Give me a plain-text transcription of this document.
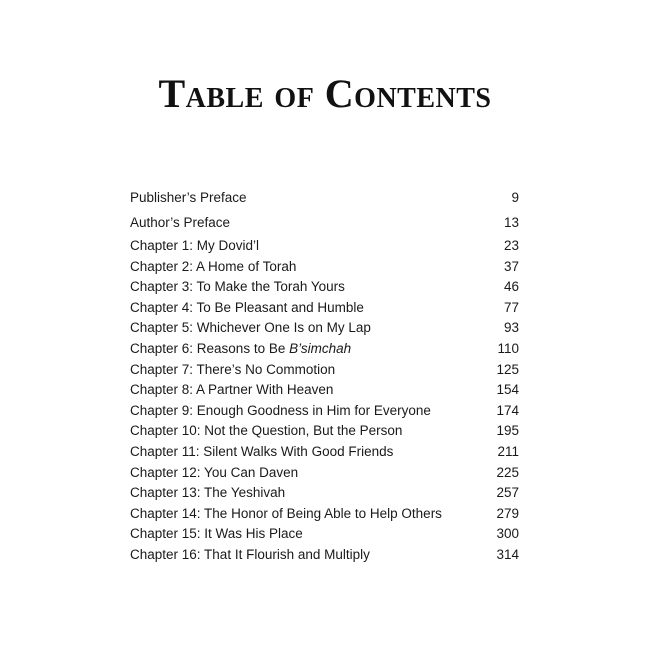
Table of Contents
Publisher’s Preface	9
Author’s Preface	13
Chapter 1: My Dovid’l	23
Chapter 2: A Home of Torah	37
Chapter 3: To Make the Torah Yours	46
Chapter 4: To Be Pleasant and Humble	77
Chapter 5: Whichever One Is on My Lap	93
Chapter 6: Reasons to Be B’simchah	110
Chapter 7: There’s No Commotion	125
Chapter 8: A Partner With Heaven	154
Chapter 9: Enough Goodness in Him for Everyone	174
Chapter 10: Not the Question, But the Person	195
Chapter 11: Silent Walks With Good Friends	211
Chapter 12: You Can Daven	225
Chapter 13: The Yeshivah	257
Chapter 14: The Honor of Being Able to Help Others	279
Chapter 15: It Was His Place	300
Chapter 16: That It Flourish and Multiply	314
